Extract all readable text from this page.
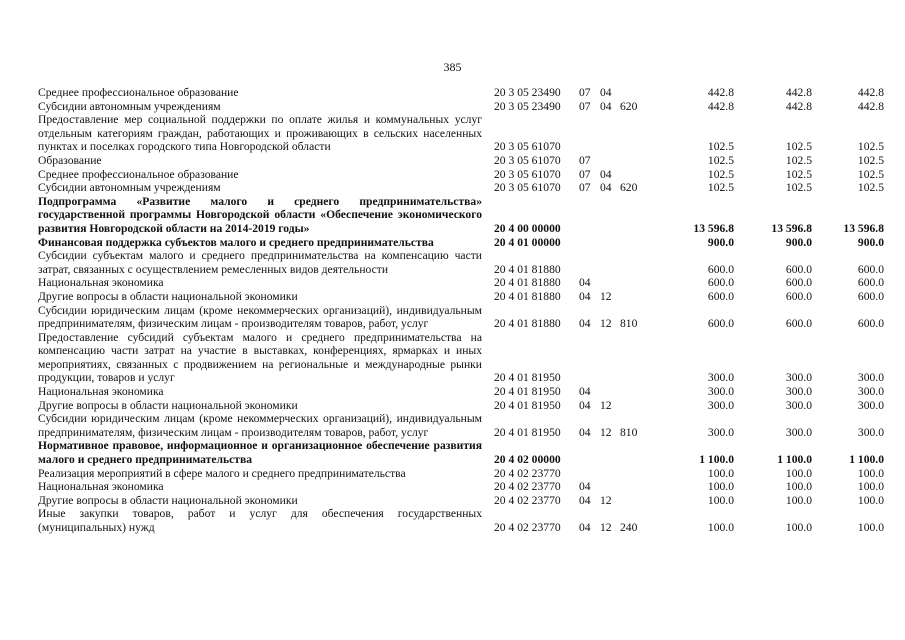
385
Среднее профессиональное образование	20 3 05 23490	07	04		442.8	442.8	442.8
Субсидии автономным учреждениям	20 3 05 23490	07	04	620	442.8	442.8	442.8
Предоставление мер социальной поддержки по оплате жилья и коммунальных услуг отдельным категориям граждан, работающих и проживающих в сельских населенных пунктах и поселках городского типа Новгородской области	20 3 05 61070				102.5	102.5	102.5
Образование	20 3 05 61070	07			102.5	102.5	102.5
Среднее профессиональное образование	20 3 05 61070	07	04		102.5	102.5	102.5
Субсидии автономным учреждениям	20 3 05 61070	07	04	620	102.5	102.5	102.5
Подпрограмма «Развитие малого и среднего предпринимательства» государственной программы Новгородской области «Обеспечение экономического развития Новгородской области на 2014-2019 годы»	20 4 00 00000				13 596.8	13 596.8	13 596.8
Финансовая поддержка субъектов малого и среднего предпринимательства	20 4 01 00000				900.0	900.0	900.0
Субсидии субъектам малого и среднего предпринимательства на компенсацию части затрат, связанных с осуществлением ремесленных видов деятельности	20 4 01 81880				600.0	600.0	600.0
Национальная экономика	20 4 01 81880	04			600.0	600.0	600.0
Другие вопросы в области национальной экономики	20 4 01 81880	04	12		600.0	600.0	600.0
Субсидии юридическим лицам (кроме некоммерческих организаций), индивидуальным предпринимателям, физическим лицам - производителям товаров, работ, услуг	20 4 01 81880	04	12	810	600.0	600.0	600.0
Предоставление субсидий субъектам малого и среднего предпринимательства на компенсацию части затрат на участие в выставках, конференциях, ярмарках и иных мероприятиях, связанных с продвижением на региональные и международные рынки продукции, товаров и услуг	20 4 01 81950				300.0	300.0	300.0
Национальная экономика	20 4 01 81950	04			300.0	300.0	300.0
Другие вопросы в области национальной экономики	20 4 01 81950	04	12		300.0	300.0	300.0
Субсидии юридическим лицам (кроме некоммерческих организаций), индивидуальным предпринимателям, физическим лицам - производителям товаров, работ, услуг	20 4 01 81950	04	12	810	300.0	300.0	300.0
Нормативное правовое, информационное и организационное обеспечение развития малого и среднего предпринимательства	20 4 02 00000				1 100.0	1 100.0	1 100.0
Реализация мероприятий в сфере малого и среднего предпринимательства	20 4 02 23770				100.0	100.0	100.0
Национальная экономика	20 4 02 23770	04			100.0	100.0	100.0
Другие вопросы в области национальной экономики	20 4 02 23770	04	12		100.0	100.0	100.0
Иные закупки товаров, работ и услуг для обеспечения государственных (муниципальных) нужд	20 4 02 23770	04	12	240	100.0	100.0	100.0
